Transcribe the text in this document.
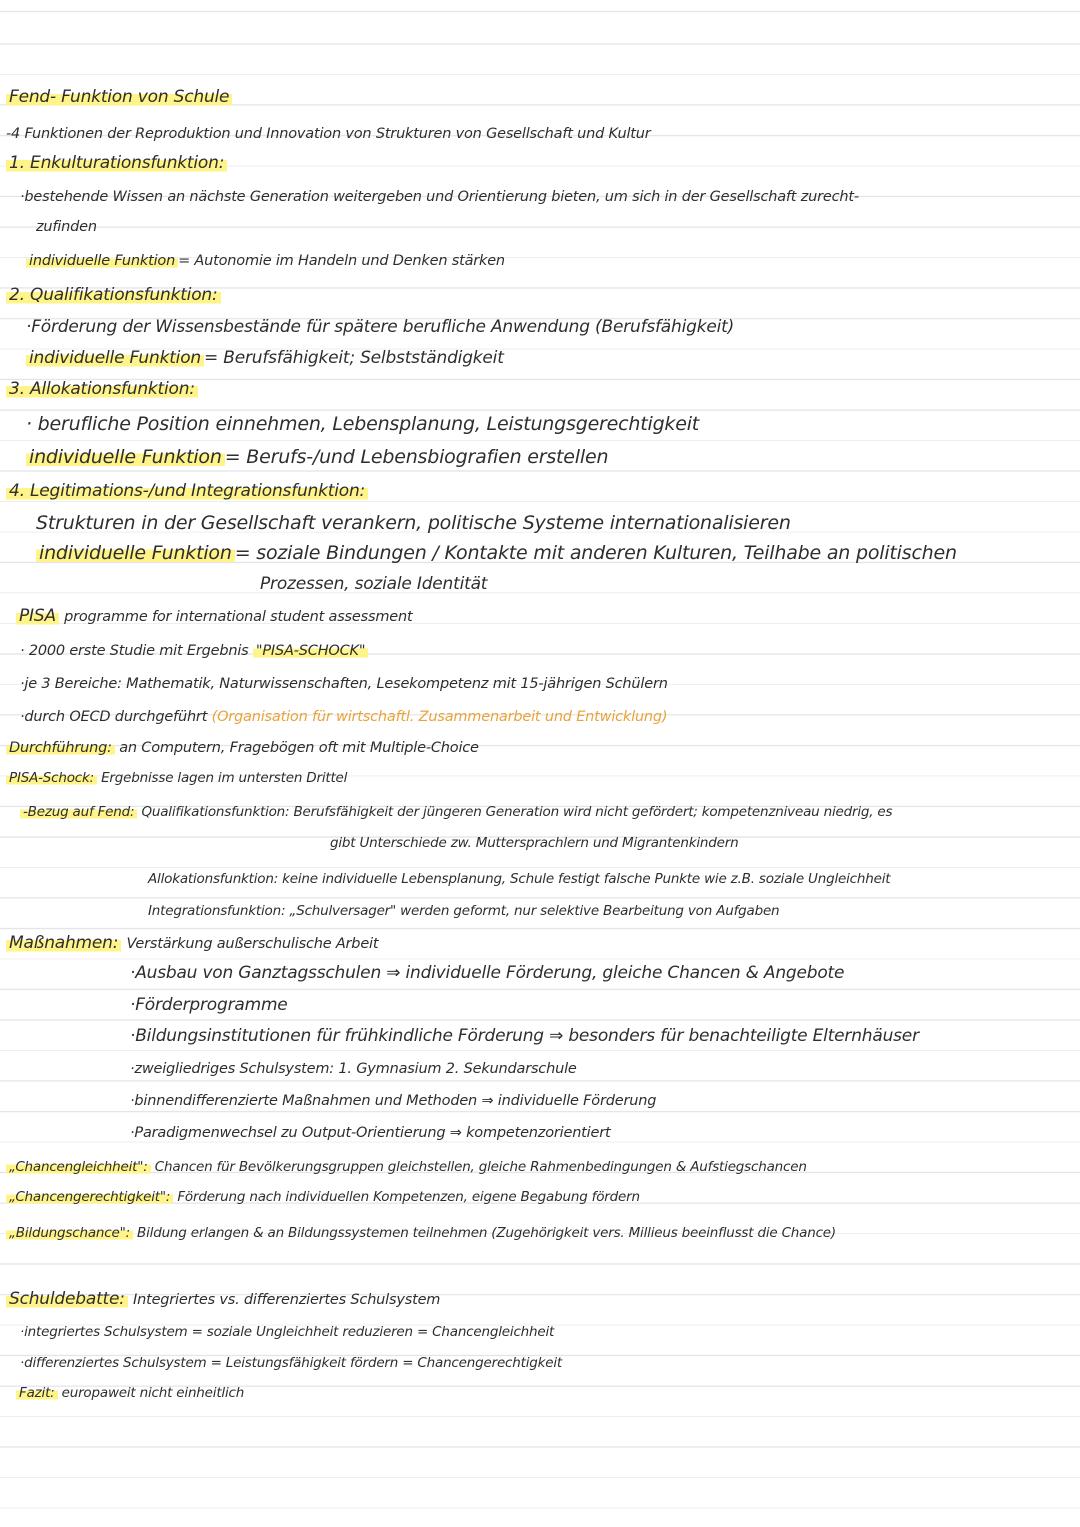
Fend- Funktion von Schule
-4 Funktionen der Reproduktion und Innovation von Strukturen von Gesellschaft und Kultur
1. Enkulturationsfunktion:
·bestehende Wissen an nächste Generation weitergeben und Orientierung bieten, um sich in der Gesellschaft zurecht-
zufinden
individuelle Funktion = Autonomie im Handeln und Denken stärken
2. Qualifikationsfunktion:
·Förderung der Wissensbestände für spätere berufliche Anwendung (Berufsfähigkeit)
individuelle Funktion = Berufsfähigkeit; Selbstständigkeit
3. Allokationsfunktion:
· berufliche Position einnehmen, Lebensplanung, Leistungsgerechtigkeit
individuelle Funktion = Berufs-/und Lebensbiografien erstellen
4. Legitimations-/und Integrationsfunktion:
Strukturen in der Gesellschaft verankern, politische Systeme internationalisieren
individuelle Funktion = soziale Bindungen / Kontakte mit anderen Kulturen, Teilhabe an politischen
Prozessen, soziale Identität
PISA programme for international student assessment
· 2000 erste Studie mit Ergebnis "PISA-SCHOCK"
·je 3 Bereiche: Mathematik, Naturwissenschaften, Lesekompetenz mit 15-jährigen Schülern
·durch OECD durchgeführt (Organisation für wirtschaftl. Zusammenarbeit und Entwicklung)
Durchführung: an Computern, Fragebögen oft mit Multiple-Choice
PISA-Schock: Ergebnisse lagen im untersten Drittel
-Bezug auf Fend: Qualifikationsfunktion: Berufsfähigkeit der jüngeren Generation wird nicht gefördert; kompetenzniveau niedrig, es
gibt Unterschiede zw. Muttersprachlern und Migrantenkindern
Allokationsfunktion: keine individuelle Lebensplanung, Schule festigt falsche Punkte wie z.B. soziale Ungleichheit
Integrationsfunktion: „Schulversager" werden geformt, nur selektive Bearbeitung von Aufgaben
Maßnahmen: Verstärkung außerschulische Arbeit
·Ausbau von Ganztagsschulen ⇒ individuelle Förderung, gleiche Chancen & Angebote
·Förderprogramme
·Bildungsinstitutionen für frühkindliche Förderung ⇒ besonders für benachteiligte Elternhäuser
·zweigliedriges Schulsystem: 1. Gymnasium 2. Sekundarschule
·binnendifferenzierte Maßnahmen und Methoden ⇒ individuelle Förderung
·Paradigmenwechsel zu Output-Orientierung ⇒ kompetenzorientiert
„Chancengleichheit": Chancen für Bevölkerungsgruppen gleichstellen, gleiche Rahmenbedingungen & Aufstiegschancen
„Chancengerechtigkeit": Förderung nach individuellen Kompetenzen, eigene Begabung fördern
„Bildungschance": Bildung erlangen & an Bildungssystemen teilnehmen (Zugehörigkeit vers. Millieus beeinflusst die Chance)
Schuldebatte: Integriertes vs. differenziertes Schulsystem
·integriertes Schulsystem = soziale Ungleichheit reduzieren = Chancengleichheit
·differenziertes Schulsystem = Leistungsfähigkeit fördern = Chancengerechtigkeit
Fazit: europaweit nicht einheitlich
